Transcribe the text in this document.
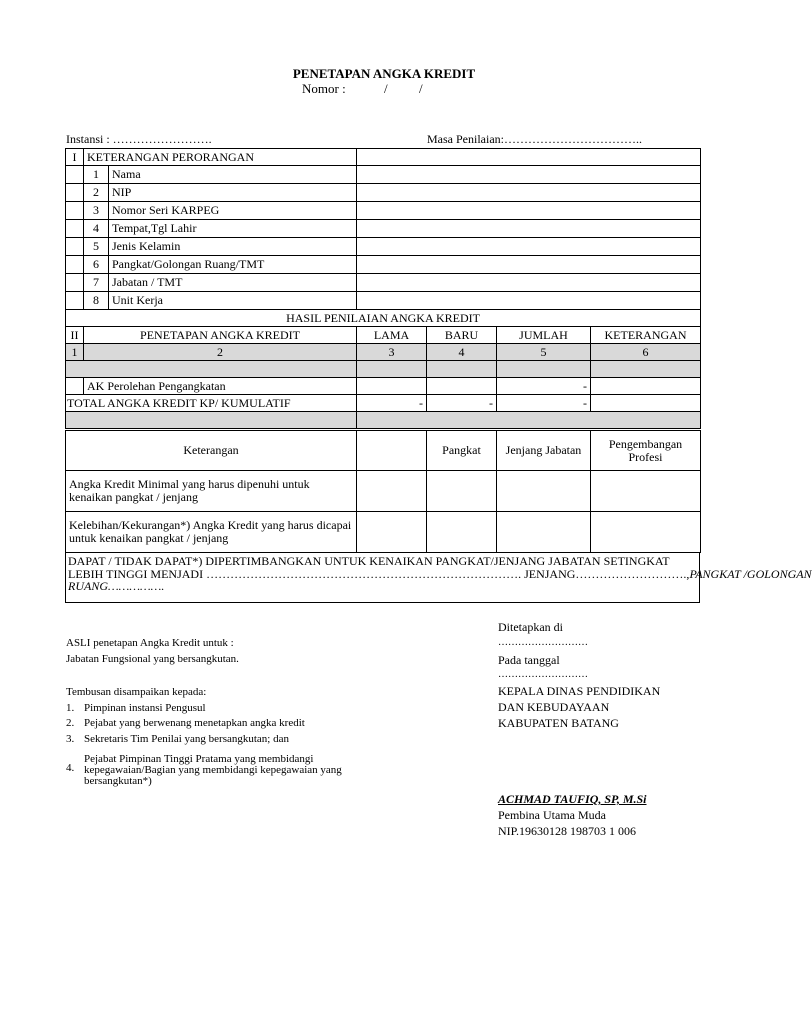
PENETAPAN ANGKA KREDIT
Nomor :	/ /
Instansi : …………………….	Masa Penilaian:……………………………..
I	KETERANGAN PERORANGAN					
	1	Nama				
	2	NIP				
	3	Nomor Seri KARPEG				
	4	Tempat,Tgl Lahir				
	5	Jenis Kelamin				
	6	Pangkat/Golongan Ruang/TMT				
	7	Jabatan / TMT				
	8	Unit Kerja				
HASIL PENILAIAN ANGKA KREDIT						
II	PENETAPAN ANGKA KREDIT		LAMA	BARU	JUMLAH	KETERANGAN
1	2		3	4	5	6

	AK Perolehan Pengangkatan				-	
TOTAL ANGKA KREDIT KP/ KUMULATIF			-	-	-	

Keterangan		Pangkat	Jenjang Jabatan	Pengembangan Profesi
Angka Kredit Minimal yang harus dipenuhi untuk kenaikan pangkat / jenjang				
Kelebihan/Kekurangan*) Angka Kredit yang harus dicapai untuk kenaikan pangkat / jenjang				
DAPAT / TIDAK DAPAT*) DIPERTIMBANGKAN UNTUK KENAIKAN PANGKAT/JENJANG JABATAN SETINGKAT
LEBIH TINGGI MENJADI ……………………………………………………………………. JENJANG……………………….,PANGKAT /GOLONGAN
RUANG…………….
ASLI penetapan Angka Kredit untuk :
Jabatan Fungsional yang bersangkutan.
Tembusan disampaikan kepada:
1. Pimpinan instansi Pengusul
2. Pejabat yang berwenang menetapkan angka kredit
3. Sekretaris Tim Penilai yang bersangkutan; dan
4.
Pejabat Pimpinan Tinggi Pratama yang membidangi kepegawaian/Bagian yang membidangi kepegawaian yang bersangkutan*)
Ditetapkan di
………………………
Pada tanggal
………………………
KEPALA DINAS PENDIDIKAN
DAN KEBUDAYAAN
KABUPATEN BATANG
ACHMAD TAUFIQ, SP, M.Si
Pembina Utama Muda
NIP.19630128 198703 1 006
